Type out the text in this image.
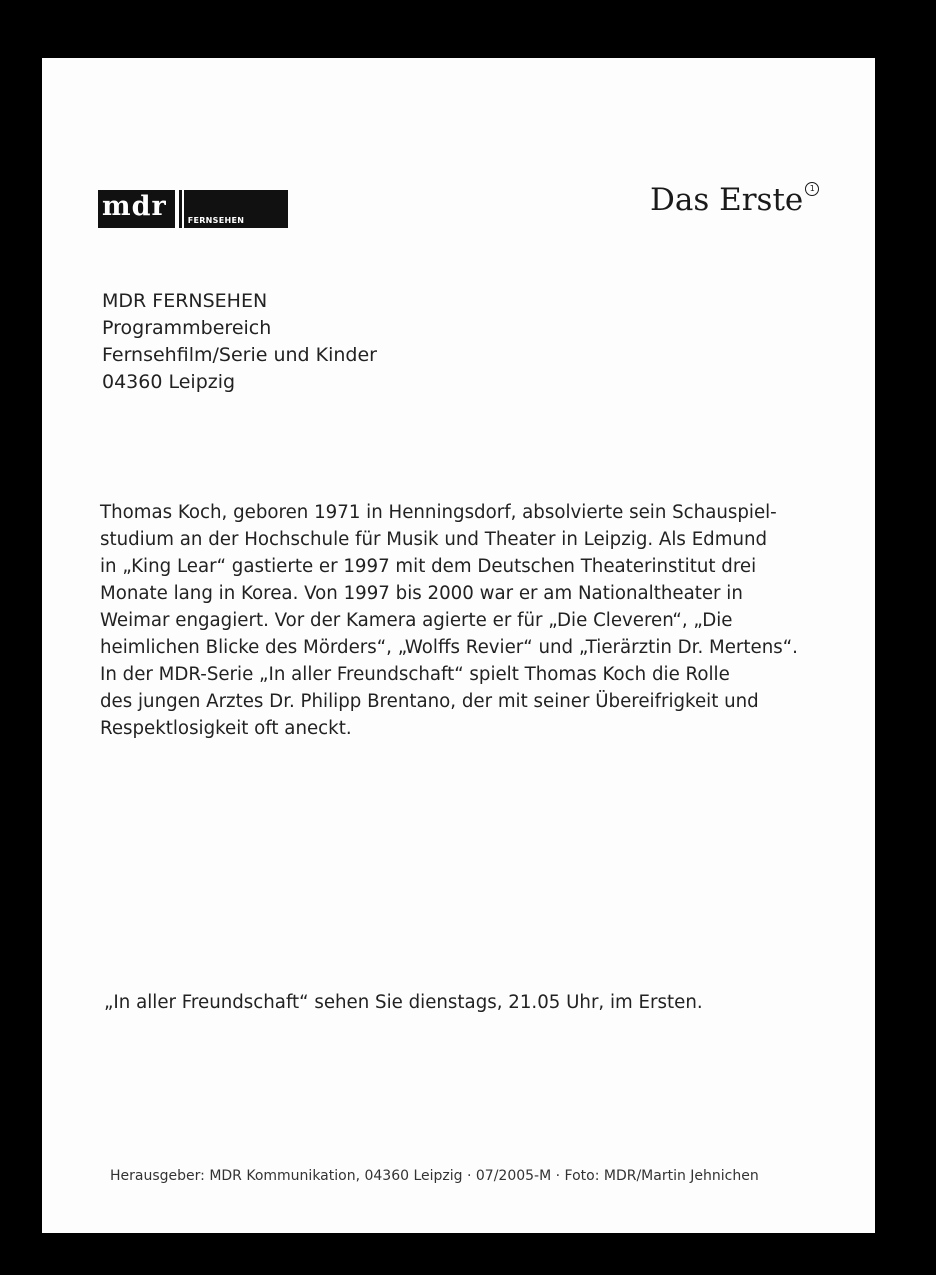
mdr	FERNSEHEN
Das Erste 1
MDR FERNSEHEN
Programmbereich
Fernsehfilm/Serie und Kinder
04360 Leipzig
Thomas Koch, geboren 1971 in Henningsdorf, absolvierte sein Schauspiel-
studium an der Hochschule für Musik und Theater in Leipzig. Als Edmund
in „King Lear“ gastierte er 1997 mit dem Deutschen Theaterinstitut drei
Monate lang in Korea. Von 1997 bis 2000 war er am Nationaltheater in
Weimar engagiert. Vor der Kamera agierte er für „Die Cleveren“, „Die
heimlichen Blicke des Mörders“, „Wolffs Revier“ und „Tierärztin Dr. Mertens“.
In der MDR-Serie „In aller Freundschaft“ spielt Thomas Koch die Rolle
des jungen Arztes Dr. Philipp Brentano, der mit seiner Übereifrigkeit und
Respektlosigkeit oft aneckt.
„In aller Freundschaft“ sehen Sie dienstags, 21.05 Uhr, im Ersten.
Herausgeber: MDR Kommunikation, 04360 Leipzig · 07/2005-M · Foto: MDR/Martin Jehnichen
